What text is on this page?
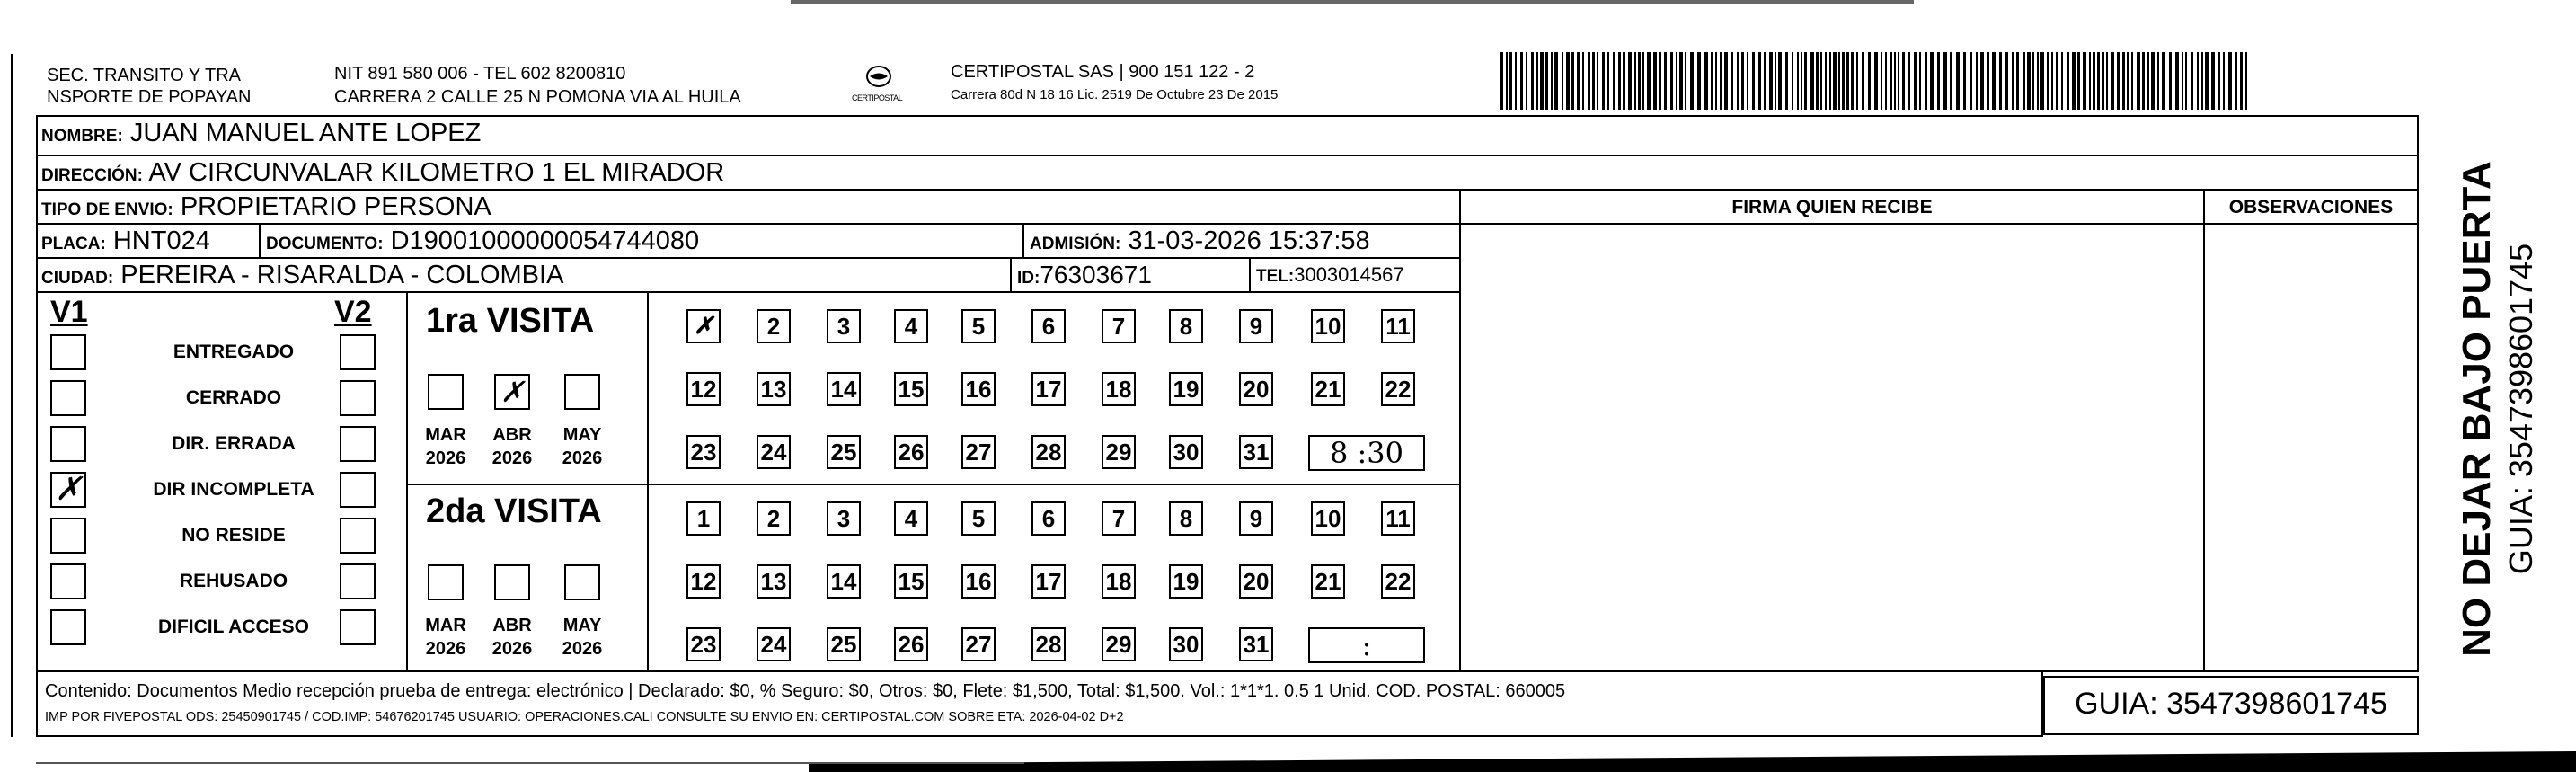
SEC. TRANSITO Y TRA
NSPORTE DE POPAYAN
NIT 891 580 006 - TEL 602 8200810
CARRERA 2 CALLE 25 N POMONA VIA AL HUILA	CERTIPOSTAL
CERTIPOSTAL SAS | 900 151 122 - 2
Carrera 80d N 18 16 Lic. 2519 De Octubre 23 De 2015
NOMBRE: JUAN MANUEL ANTE LOPEZ
DIRECCIÓN: AV CIRCUNVALAR KILOMETRO 1 EL MIRADOR
TIPO DE ENVIO: PROPIETARIO PERSONA	FIRMA QUIEN RECIBE	OBSERVACIONES
PLACA: HNT024	DOCUMENTO: D19001000000054744080	ADMISIÓN: 31-03-2026 15:37:58
CIUDAD: PEREIRA - RISARALDA - COLOMBIA	ID:76303671	TEL:3003014567
V1	V2
ENTREGADO
CERRADO
DIR. ERRADA
✗	DIR INCOMPLETA
NO RESIDE
REHUSADO
DIFICIL ACCESO
1ra VISITA
2da VISITA
✗	2	3	4	5	6	7	8	9	10 11
12 13 14 15 16 17 18 19 20 21 22
23 24 25 26 27 28 29 30 31	8 :30
1	2	3	4	5	6	7	8	9	10 11
12 13 14 15 16 17 18 19 20 21 22
23 24 25 26 27 28 29 30 31	:
MAR
2026
✗
ABR
2026
MAY
2026
MAR
2026
ABR
2026
MAY
2026
Contenido: Documentos Medio recepción prueba de entrega: electrónico | Declarado: $0, % Seguro: $0, Otros: $0, Flete: $1,500, Total: $1,500. Vol.: 1*1*1. 0.5 1 Unid. COD. POSTAL: 660005
IMP POR FIVEPOSTAL ODS: 25450901745 / COD.IMP: 54676201745 USUARIO: OPERACIONES.CALI CONSULTE SU ENVIO EN: CERTIPOSTAL.COM SOBRE ETA: 2026-04-02 D+2	GUIA: 3547398601745
NO DEJAR BAJO PUERTA GUIA: 3547398601745
